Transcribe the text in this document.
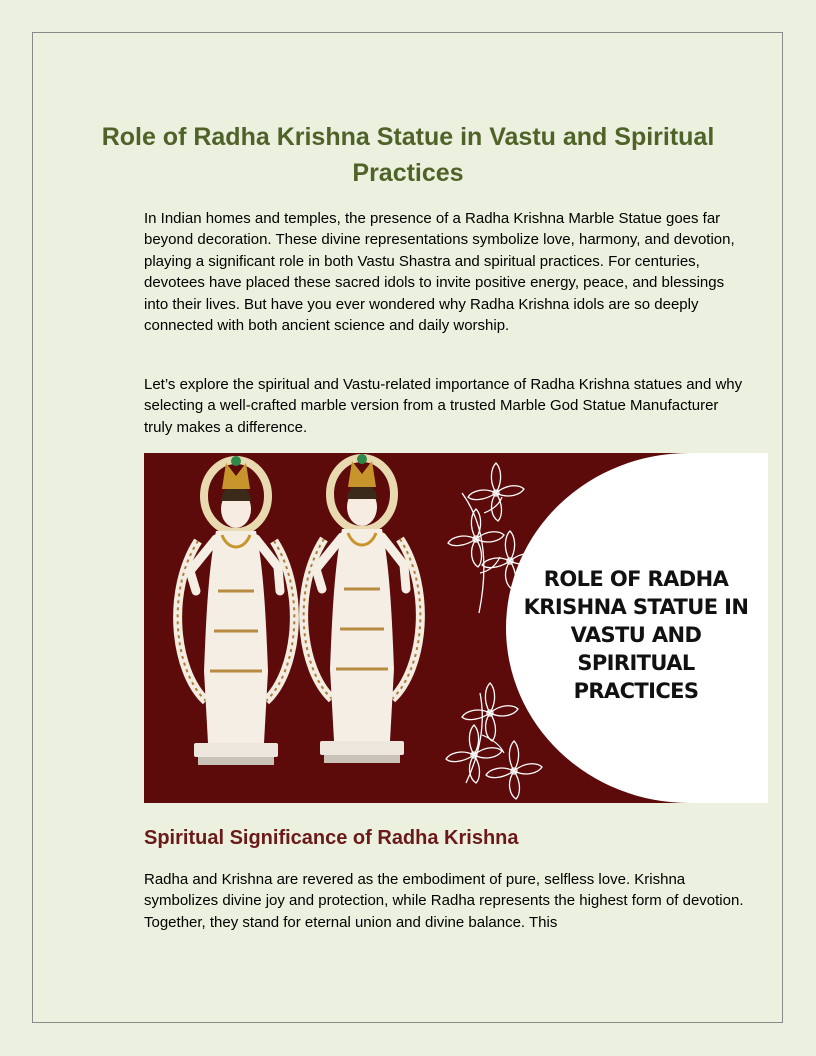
Role of Radha Krishna Statue in Vastu and Spiritual Practices

In Indian homes and temples, the presence of a Radha Krishna Marble Statue goes far beyond decoration. These divine representations symbolize love, harmony, and devotion, playing a significant role in both Vastu Shastra and spiritual practices. For centuries, devotees have placed these sacred idols to invite positive energy, peace, and blessings into their lives. But have you ever wondered why Radha Krishna idols are so deeply connected with both ancient science and daily worship.

Let’s explore the spiritual and Vastu-related importance of Radha Krishna statues and why selecting a well-crafted marble version from a trusted Marble God Statue Manufacturer truly makes a difference.

ROLE OF RADHA KRISHNA STATUE IN VASTU AND SPIRITUAL PRACTICES
Spiritual Significance of Radha Krishna

Radha and Krishna are revered as the embodiment of pure, selfless love. Krishna symbolizes divine joy and protection, while Radha represents the highest form of devotion. Together, they stand for eternal union and divine balance. This
